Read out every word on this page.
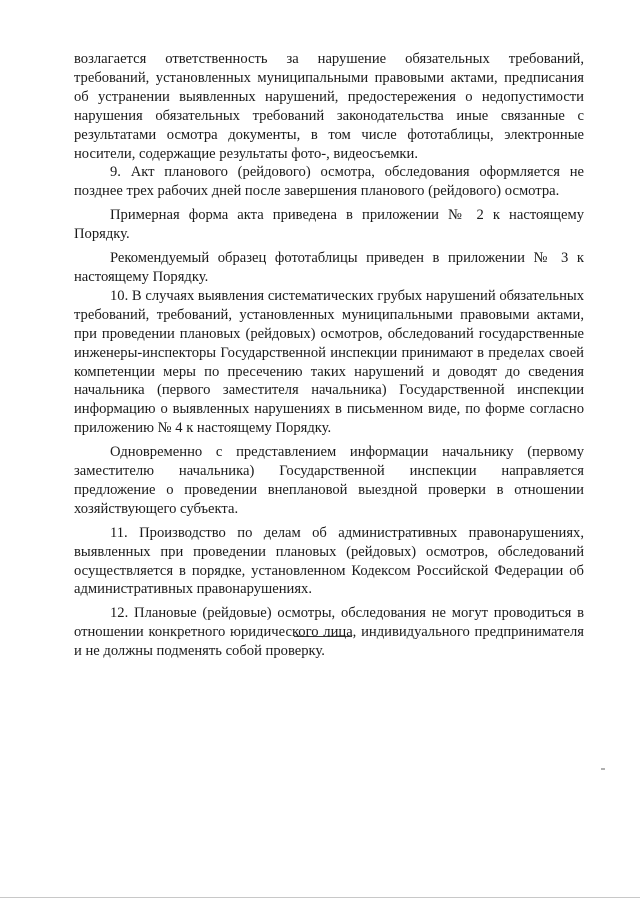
возлагается ответственность за нарушение обязательных требований, требований, установленных муниципальными правовыми актами, предписания об устранении выявленных нарушений, предостережения о недопустимости нарушения обязательных требований законодательства иные связанные с результатами осмотра документы, в том числе фототаблицы, электронные носители, содержащие результаты фото-, видеосъемки.

9. Акт планового (рейдового) осмотра, обследования оформляется не позднее трех рабочих дней после завершения планового (рейдового) осмотра.

Примерная форма акта приведена в приложении № 2 к настоящему Порядку.

Рекомендуемый образец фототаблицы приведен в приложении № 3 к настоящему Порядку.

10. В случаях выявления систематических грубых нарушений обязательных требований, требований, установленных муниципальными правовыми актами, при проведении плановых (рейдовых) осмотров, обследований государственные инженеры-инспекторы Государственной инспекции принимают в пределах своей компетенции меры по пресечению таких нарушений и доводят до сведения начальника (первого заместителя начальника) Государственной инспекции информацию о выявленных нарушениях в письменном виде, по форме согласно приложению № 4 к настоящему Порядку.

Одновременно с представлением информации начальнику (первому заместителю начальника) Государственной инспекции направляется предложение о проведении внеплановой выездной проверки в отношении хозяйствующего субъекта.

11. Производство по делам об административных правонарушениях, выявленных при проведении плановых (рейдовых) осмотров, обследований осуществляется в порядке, установленном Кодексом Российской Федерации об административных правонарушениях.

12. Плановые (рейдовые) осмотры, обследования не могут проводиться в отношении конкретного юридического лица, индивидуального предпринимателя и не должны подменять собой проверку.
